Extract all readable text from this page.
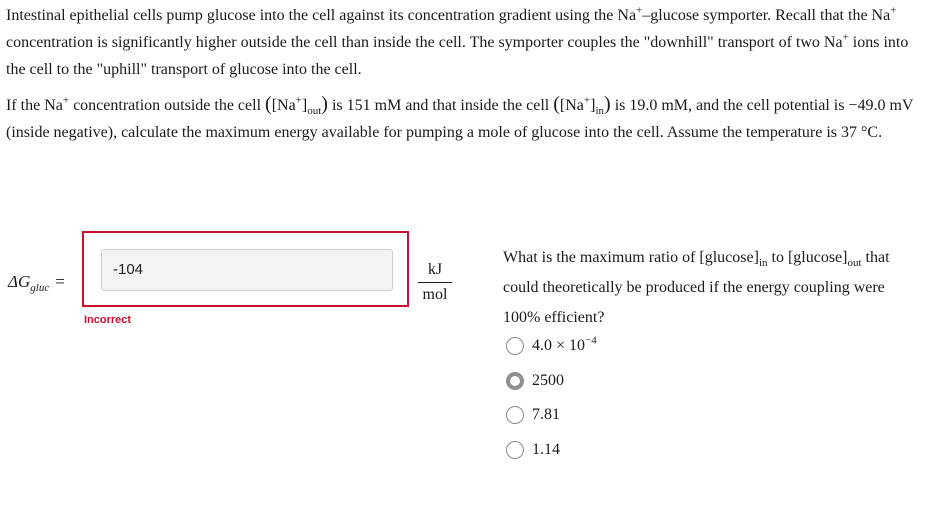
Intestinal epithelial cells pump glucose into the cell against its concentration gradient using the Na+–glucose symporter. Recall that the Na+ concentration is significantly higher outside the cell than inside the cell. The symporter couples the "downhill" transport of two Na+ ions into the cell to the "uphill" transport of glucose into the cell.

If the Na+ concentration outside the cell $([Na^+]_{out})$ is 151 mM and that inside the cell $([Na^+]_{in})$ is 19.0 mM, and the cell potential is −49.0 mV (inside negative), calculate the maximum energy available for pumping a mole of glucose into the cell. Assume the temperature is 37 °C.

$\Delta G_{gluc}$ =
-104	kJ
mol
Incorrect

What is the maximum ratio of $[glucose]_{in}$ to $[glucose]_{out}$ that could theoretically be produced if the energy coupling were 100% efficient?

$4.0 \times 10^{-4}$
2500
7.81
1.14
